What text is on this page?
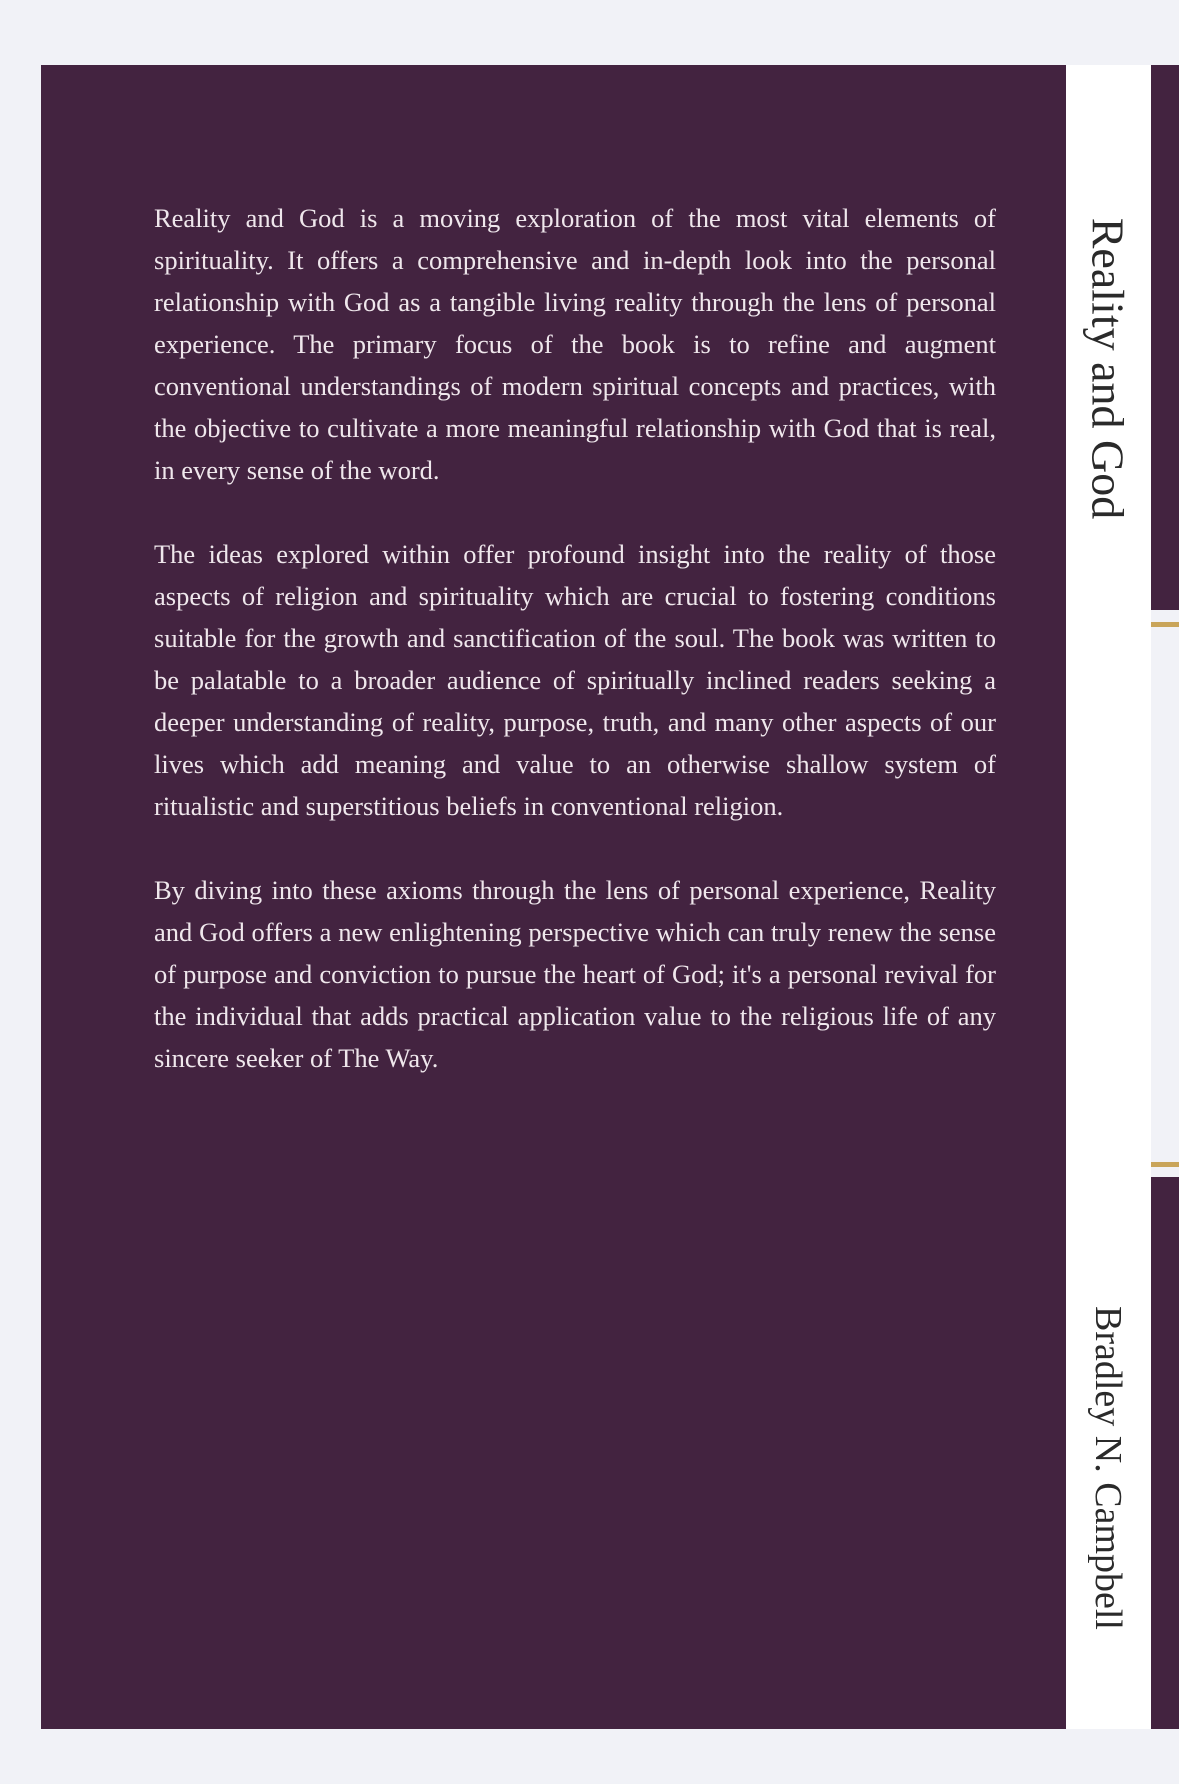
Reality and God is a moving exploration of the most vital elements of spirituality. It offers a comprehensive and in-depth look into the personal relationship with God as a tangible living reality through the lens of personal experience. The primary focus of the book is to refine and augment conventional understandings of modern spiritual concepts and practices, with the objective to cultivate a more meaningful relationship with God that is real, in every sense of the word.

The ideas explored within offer profound insight into the reality of those aspects of religion and spirituality which are crucial to fostering conditions suitable for the growth and sanctification of the soul. The book was written to be palatable to a broader audience of spiritually inclined readers seeking a deeper understanding of reality, purpose, truth, and many other aspects of our lives which add meaning and value to an otherwise shallow system of ritualistic and superstitious beliefs in conventional religion.

By diving into these axioms through the lens of personal experience, Reality and God offers a new enlightening perspective which can truly renew the sense of purpose and conviction to pursue the heart of God; it's a personal revival for the individual that adds practical application value to the religious life of any sincere seeker of The Way.

Reality and God
Bradley N. Campbell
